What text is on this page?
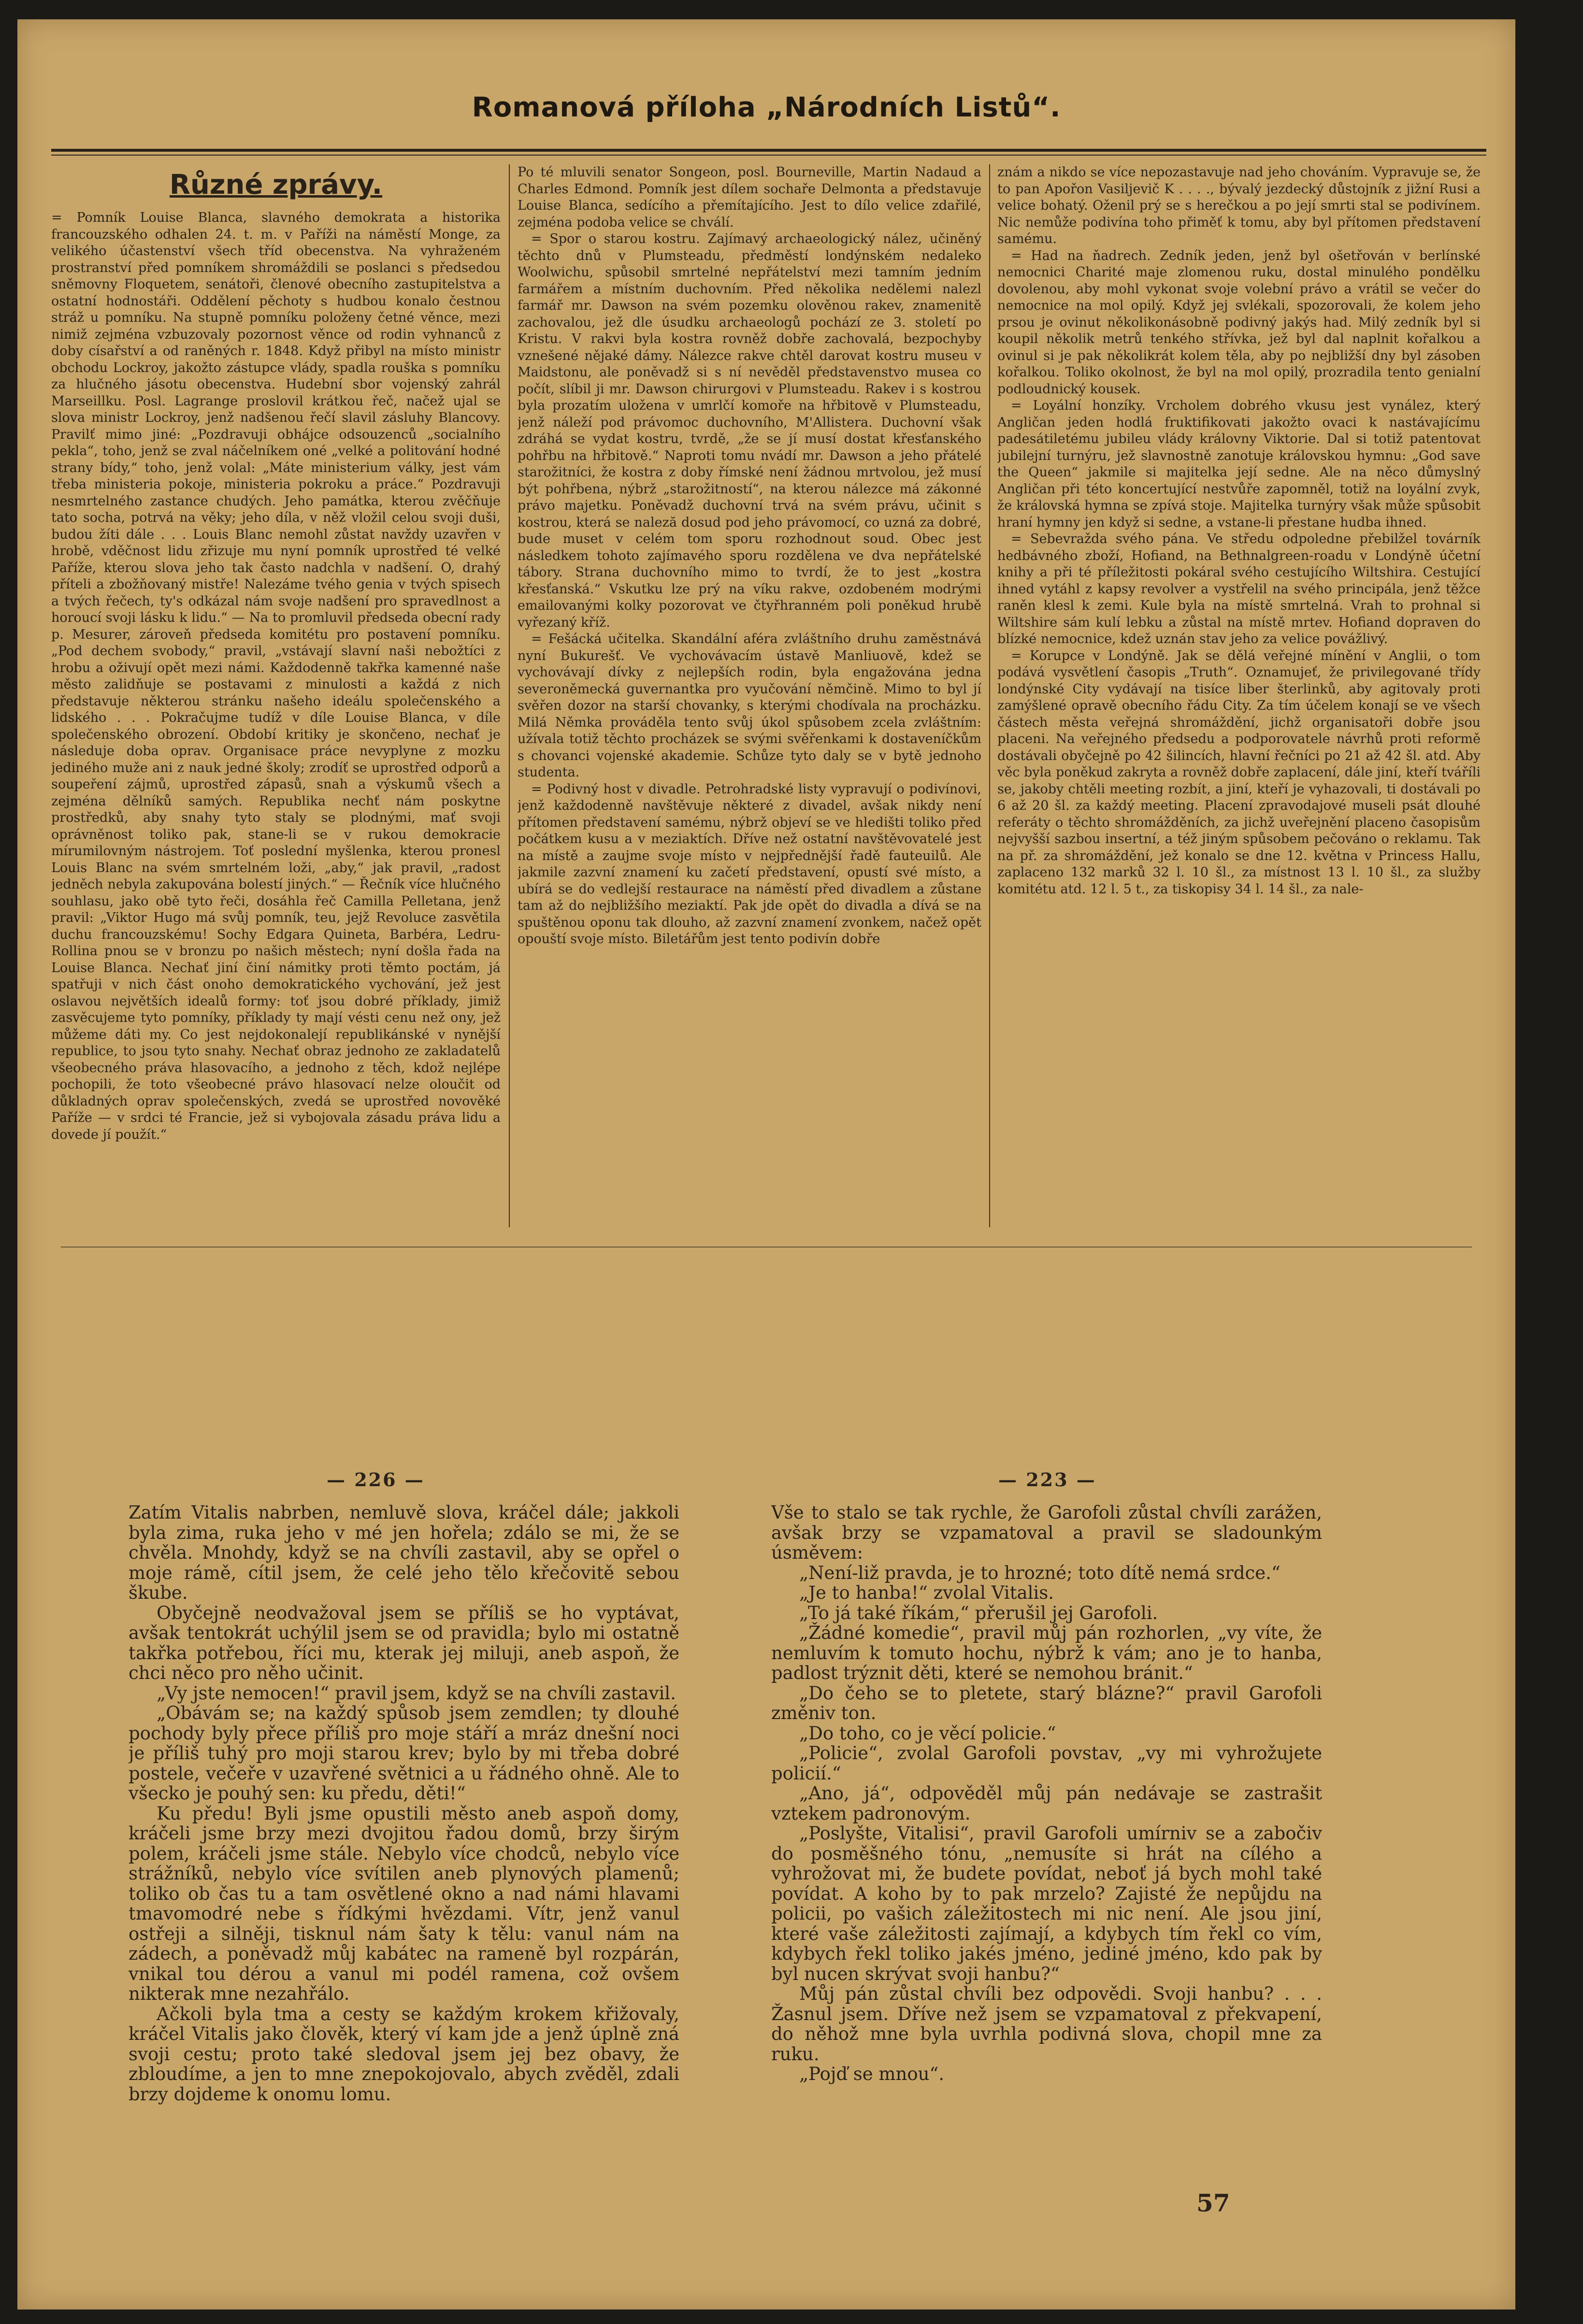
Romanová příloha „Národních Listů“.
Různé zprávy.

= Pomník Louise Blanca, slavného demokrata a historika francouzského odhalen 24. t. m. v Paříži na náměstí Monge, za velikého účastenství všech tříd obecenstva. Na vyhraženém prostranství před pomníkem shromáždili se poslanci s předsedou sněmovny Floquetem, senátoři, členové obecního zastupitelstva a ostatní hodnostáři. Oddělení pěchoty s hudbou konalo čestnou stráž u pomníku. Na stupně pomníku položeny četné věnce, mezi nimiž zejména vzbuzovaly pozornost věnce od rodin vyhnanců z doby císařství a od raněných r. 1848. Když přibyl na místo ministr obchodu Lockroy, jakožto zástupce vlády, spadla rouška s pomníku za hlučného jásotu obecenstva. Hudební sbor vojenský zahrál Marseillku. Posl. Lagrange proslovil krátkou řeč, načež ujal se slova ministr Lockroy, jenž nadšenou řečí slavil zásluhy Blancovy. Pravilť mimo jiné: „Pozdravuji obhájce odsouzenců „socialního pekla“, toho, jenž se zval náčelníkem oné „velké a politování hodné strany bídy,“ toho, jenž volal: „Máte ministerium války, jest vám třeba ministeria pokoje, ministeria pokroku a práce.“ Pozdravuji nesmrtelného zastance chudých. Jeho památka, kterou zvěčňuje tato socha, potrvá na věky; jeho díla, v něž vložil celou svoji duši, budou žíti dále . . . Louis Blanc nemohl zůstat navždy uzavřen v hrobě, vděčnost lidu zřizuje mu nyní pomník uprostřed té velké Paříže, kterou slova jeho tak často nadchla v nadšení. O, drahý příteli a zbožňovaný mistře! Nalezáme tvého genia v tvých spisech a tvých řečech, ty's odkázal nám svoje nadšení pro spravedlnost a horoucí svoji lásku k lidu.“ — Na to promluvil předseda obecní rady p. Mesurer, zároveň předseda komitétu pro postavení pomníku. „Pod dechem svobody,“ pravil, „vstávají slavní naši nebožtíci z hrobu a oživují opět mezi námi. Každodenně takřka kamenné naše město zalidňuje se postavami z minulosti a každá z nich představuje některou stránku našeho ideálu společenského a lidského . . . Pokračujme tudíž v díle Louise Blanca, v díle společenského obrození. Období kritiky je skončeno, nechať je následuje doba oprav. Organisace práce nevyplyne z mozku jediného muže ani z nauk jedné školy; zrodíť se uprostřed odporů a soupeření zájmů, uprostřed zápasů, snah a výskumů všech a zejména dělníků samých. Republika nechť nám poskytne prostředků, aby snahy tyto staly se plodnými, mať svoji oprávněnost toliko pak, stane-li se v rukou demokracie mírumilovným nástrojem. Toť poslední myšlenka, kterou pronesl Louis Blanc na svém smrtelném loži, „aby,“ jak pravil, „radost jedněch nebyla zakupována bolestí jiných.“ — Řečník více hlučného souhlasu, jako obě tyto řeči, dosáhla řeč Camilla Pelletana, jenž pravil: „Viktor Hugo má svůj pomník, teu, jejž Revoluce zasvětila duchu francouzskému! Sochy Edgara Quineta, Barbéra, Ledru-Rollina pnou se v bronzu po našich městech; nyní došla řada na Louise Blanca. Nechať jiní činí námitky proti těmto poctám, já spatřuji v nich část onoho demokratického vychování, jež jest oslavou největších idealů formy: toť jsou dobré příklady, jimiž zasvěcujeme tyto pomníky, příklady ty mají vésti cenu než ony, jež můžeme dáti my. Co jest nejdokonalejí republikánské v nynější republice, to jsou tyto snahy. Nechať obraz jednoho ze zakladatelů všeobecného práva hlasovacího, a jednoho z těch, kdož nejlépe pochopili, že toto všeobecné právo hlasovací nelze oloučit od důkladných oprav společenských, zvedá se uprostřed novověké Paříže — v srdci té Francie, jež si vybojovala zásadu práva lidu a dovede jí použít.“

Po té mluvili senator Songeon, posl. Bourneville, Martin Nadaud a Charles Edmond. Pomník jest dílem sochaře Delmonta a představuje Louise Blanca, sedícího a přemítajícího. Jest to dílo velice zdařilé, zejména podoba velice se chválí.

= Spor o starou kostru. Zajímavý archaeologický nález, učiněný těchto dnů v Plumsteadu, předměstí londýnském nedaleko Woolwichu, spůsobil smrtelné nepřátelství mezi tamním jedním farmářem a místním duchovním. Před několika nedělemi nalezl farmář mr. Dawson na svém pozemku olověnou rakev, znamenitě zachovalou, jež dle úsudku archaeologů pochází ze 3. století po Kristu. V rakvi byla kostra rovněž dobře zachovalá, bezpochyby vznešené nějaké dámy. Nálezce rakve chtěl darovat kostru museu v Maidstonu, ale poněvadž si s ní nevěděl představenstvo musea co počít, slíbil ji mr. Dawson chirurgovi v Plumsteadu. Rakev i s kostrou byla prozatím uložena v umrlčí komoře na hřbitově v Plumsteadu, jenž náleží pod právomoc duchovního, M'Allistera. Duchovní však zdráhá se vydat kostru, tvrdě, „že se jí musí dostat křesťanského pohřbu na hřbitově.“ Naproti tomu nvádí mr. Dawson a jeho přátelé starožitníci, že kostra z doby římské není žádnou mrtvolou, jež musí být pohřbena, nýbrž „starožitností“, na kterou nálezce má zákonné právo majetku. Poněvadž duchovní trvá na svém právu, učinit s kostrou, která se naleză dosud pod jeho právomocí, co uzná za dobré, bude muset v celém tom sporu rozhodnout soud. Obec jest následkem tohoto zajímavého sporu rozdělena ve dva nepřátelské tábory. Strana duchovního mimo to tvrdí, že to jest „kostra křesťanská.“ Vskutku lze prý na víku rakve, ozdobeném modrými emailovanými kolky pozorovat ve čtyřhranném poli poněkud hrubě vyřezaný kříž.

= Fešácká učitelka. Skandální aféra zvláštního druhu zaměstnává nyní Bukurešť. Ve vychovávacím ústavě Manliuově, kdež se vychovávají dívky z nejlepších rodin, byla engažována jedna severoněmecká guvernantka pro vyučování němčině. Mimo to byl jí svěřen dozor na starší chovanky, s kterými chodívala na procházku. Milá Němka prováděla tento svůj úkol spůsobem zcela zvláštním: užívala totiž těchto procházek se svými svěřenkami k dostaveníčkům s chovanci vojenské akademie. Schůze tyto daly se v bytě jednoho studenta.

= Podivný host v divadle. Petrohradské listy vypravují o podivínovi, jenž každodenně navštěvuje některé z divadel, avšak nikdy není přítomen představení samému, nýbrž objeví se ve hledišti toliko před počátkem kusu a v meziaktích. Dříve než ostatní navštěvovatelé jest na místě a zaujme svoje místo v nejpřednější řadě fauteuilů. Ale jakmile zazvní znamení ku začetí představení, opustí své místo, a ubírá se do vedlejší restaurace na náměstí před divadlem a zůstane tam až do nejbližšího meziaktí. Pak jde opět do divadla a dívá se na spuštěnou oponu tak dlouho, až zazvní znamení zvonkem, načež opět opouští svoje místo. Biletářům jest tento podivín dobře

znám a nikdo se více nepozastavuje nad jeho chováním. Vypravuje se, že to pan Apořon Vasiljevič K . . . ., bývalý jezdecký důstojník z jižní Rusi a velice bohatý. Oženil prý se s herečkou a po její smrti stal se podivínem. Nic nemůže podivína toho přiměť k tomu, aby byl přítomen představení samému.

= Had na ňadrech. Zedník jeden, jenž byl ošetřován v berlínské nemocnici Charité maje zlomenou ruku, dostal minulého pondělku dovolenou, aby mohl vykonat svoje volební právo a vrátil se večer do nemocnice na mol opilý. Když jej svlékali, spozorovali, že kolem jeho prsou je ovinut několikonásobně podivný jakýs had. Milý zedník byl si koupil několik metrů tenkého střívka, jež byl dal naplnit kořalkou a ovinul si je pak několikrát kolem těla, aby po nejbližší dny byl zásoben kořalkou. Toliko okolnost, že byl na mol opilý, prozradila tento genialní podloudnický kousek.

= Loyální honzíky. Vrcholem dobrého vkusu jest vynález, který Angličan jeden hodlá fruktifikovati jakožto ovaci k nastávajícímu padesátiletému jubileu vlády královny Viktorie. Dal si totiž patentovat jubilejní turnýru, jež slavnostně zanotuje královskou hymnu: „God save the Queen“ jakmile si majitelka její sedne. Ale na něco důmyslný Angličan při této koncertující nestvůře zapomněl, totiž na loyální zvyk, že královská hymna se zpívá stoje. Majitelka turnýry však může spůsobit hraní hymny jen když si sedne, a vstane-li přestane hudba ihned.

= Sebevražda svého pána. Ve středu odpoledne přebilžel továrník hedbávného zboží, Hofiand, na Bethnalgreen-roadu v Londýně účetní knihy a při té příležitosti pokáral svého cestujícího Wiltshira. Cestující ihned vytáhl z kapsy revolver a vystřelil na svého principála, jenž těžce raněn klesl k zemi. Kule byla na místě smrtelná. Vrah to prohnal si Wiltshire sám kulí lebku a zůstal na místě mrtev. Hofiand dopraven do blízké nemocnice, kdež uznán stav jeho za velice povážlivý.

= Korupce v Londýně. Jak se dělá veřejné mínění v Anglii, o tom podává vysvětlení časopis „Truth“. Oznamujeť, že privilegované třídy londýnské City vydávají na tisíce liber šterlinků, aby agitovaly proti zamýšlené opravě obecního řádu City. Za tím účelem konají se ve všech částech města veřejná shromáždění, jichž organisatoři dobře jsou placeni. Na veřejného předsedu a podporovatele návrhů proti reformě dostávali obyčejně po 42 šilincích, hlavní řečníci po 21 až 42 šl. atd. Aby věc byla poněkud zakryta a rovněž dobře zaplacení, dále jiní, kteří tváříli se, jakoby chtěli meeting rozbít, a jiní, kteří je vyhazovali, ti dostávali po 6 až 20 šl. za každý meeting. Placení zpravodajové museli psát dlouhé referáty o těchto shromážděních, za jichž uveřejnění placeno časopisům nejvyšší sazbou insertní, a též jiným spůsobem pečováno o reklamu. Tak na př. za shromáždění, jež konalo se dne 12. května v Princess Hallu, zaplaceno 132 marků 32 l. 10 šl., za místnost 13 l. 10 šl., za služby komitétu atd. 12 l. 5 t., za tiskopisy 34 l. 14 šl., za nale-

— 226 —	— 223 —

Zatím Vitalis nabrben, nemluvě slova, kráčel dále; jakkoli byla zima, ruka jeho v mé jen hořela; zdálo se mi, že se chvěla. Mnohdy, když se na chvíli zastavil, aby se opřel o moje rámě, cítil jsem, že celé jeho tělo křečovitě sebou škube.

Obyčejně neodvažoval jsem se příliš se ho vyptávat, avšak tentokrát uchýlil jsem se od pravidla; bylo mi ostatně takřka potřebou, říci mu, kterak jej miluji, aneb aspoň, že chci něco pro něho učinit.

„Vy jste nemocen!“ pravil jsem, když se na chvíli zastavil.

„Obávám se; na každý spůsob jsem zemdlen; ty dlouhé pochody byly přece příliš pro moje stáří a mráz dnešní noci je příliš tuhý pro moji starou krev; bylo by mi třeba dobré postele, večeře v uzavřené světnici a u řádného ohně. Ale to všecko je pouhý sen: ku předu, děti!“

Ku předu! Byli jsme opustili město aneb aspoň domy, kráčeli jsme brzy mezi dvojitou řadou domů, brzy širým polem, kráčeli jsme stále. Nebylo více chodců, nebylo více strážníků, nebylo více svítilen aneb plynových plamenů; toliko ob čas tu a tam osvětlené okno a nad námi hlavami tmavomodré nebe s řídkými hvězdami. Vítr, jenž vanul ostřeji a silněji, tisknul nám šaty k tělu: vanul nám na zádech, a poněvadž můj kabátec na rameně byl rozpárán, vnikal tou dérou a vanul mi podél ramena, což ovšem nikterak mne nezahřálo.

Ačkoli byla tma a cesty se každým krokem křižovaly, kráčel Vitalis jako člověk, který ví kam jde a jenž úplně zná svoji cestu; proto také sledoval jsem jej bez obavy, že zbloudíme, a jen to mne znepokojovalo, abych zvěděl, zdali brzy dojdeme k onomu lomu.

Vše to stalo se tak rychle, že Garofoli zůstal chvíli zarážen, avšak brzy se vzpamatoval a pravil se sladounkým úsměvem:

„Není-liž pravda, je to hrozné; toto dítě nemá srdce.“

„Je to hanba!“ zvolal Vitalis.

„To já také říkám,“ přerušil jej Garofoli.

„Žádné komedie“, pravil můj pán rozhorlen, „vy víte, že nemluvím k tomuto hochu, nýbrž k vám; ano je to hanba, padlost trýznit děti, které se nemohou bránit.“

„Do čeho se to pletete, starý blázne?“ pravil Garofoli změniv ton.

„Do toho, co je věcí policie.“

„Policie“, zvolal Garofoli povstav, „vy mi vyhrožujete policií.“

„Ano, já“, odpověděl můj pán nedávaje se zastrašit vztekem padronovým.

„Poslyšte, Vitalisi“, pravil Garofoli umírniv se a zabočiv do posměšného tónu, „nemusíte si hrát na cílého a vyhrožovat mi, že budete povídat, neboť já bych mohl také povídat. A koho by to pak mrzelo? Zajisté že nepůjdu na policii, po vašich záležitostech mi nic není. Ale jsou jiní, které vaše záležitosti zajímají, a kdybych tím řekl co vím, kdybych řekl toliko jakés jméno, jediné jméno, kdo pak by byl nucen skrývat svoji hanbu?“

Můj pán zůstal chvíli bez odpovědi. Svoji hanbu? . . . Žasnul jsem. Dříve než jsem se vzpamatoval z překvapení, do něhož mne byla uvrhla podivná slova, chopil mne za ruku.

„Pojď se mnou“.

57
